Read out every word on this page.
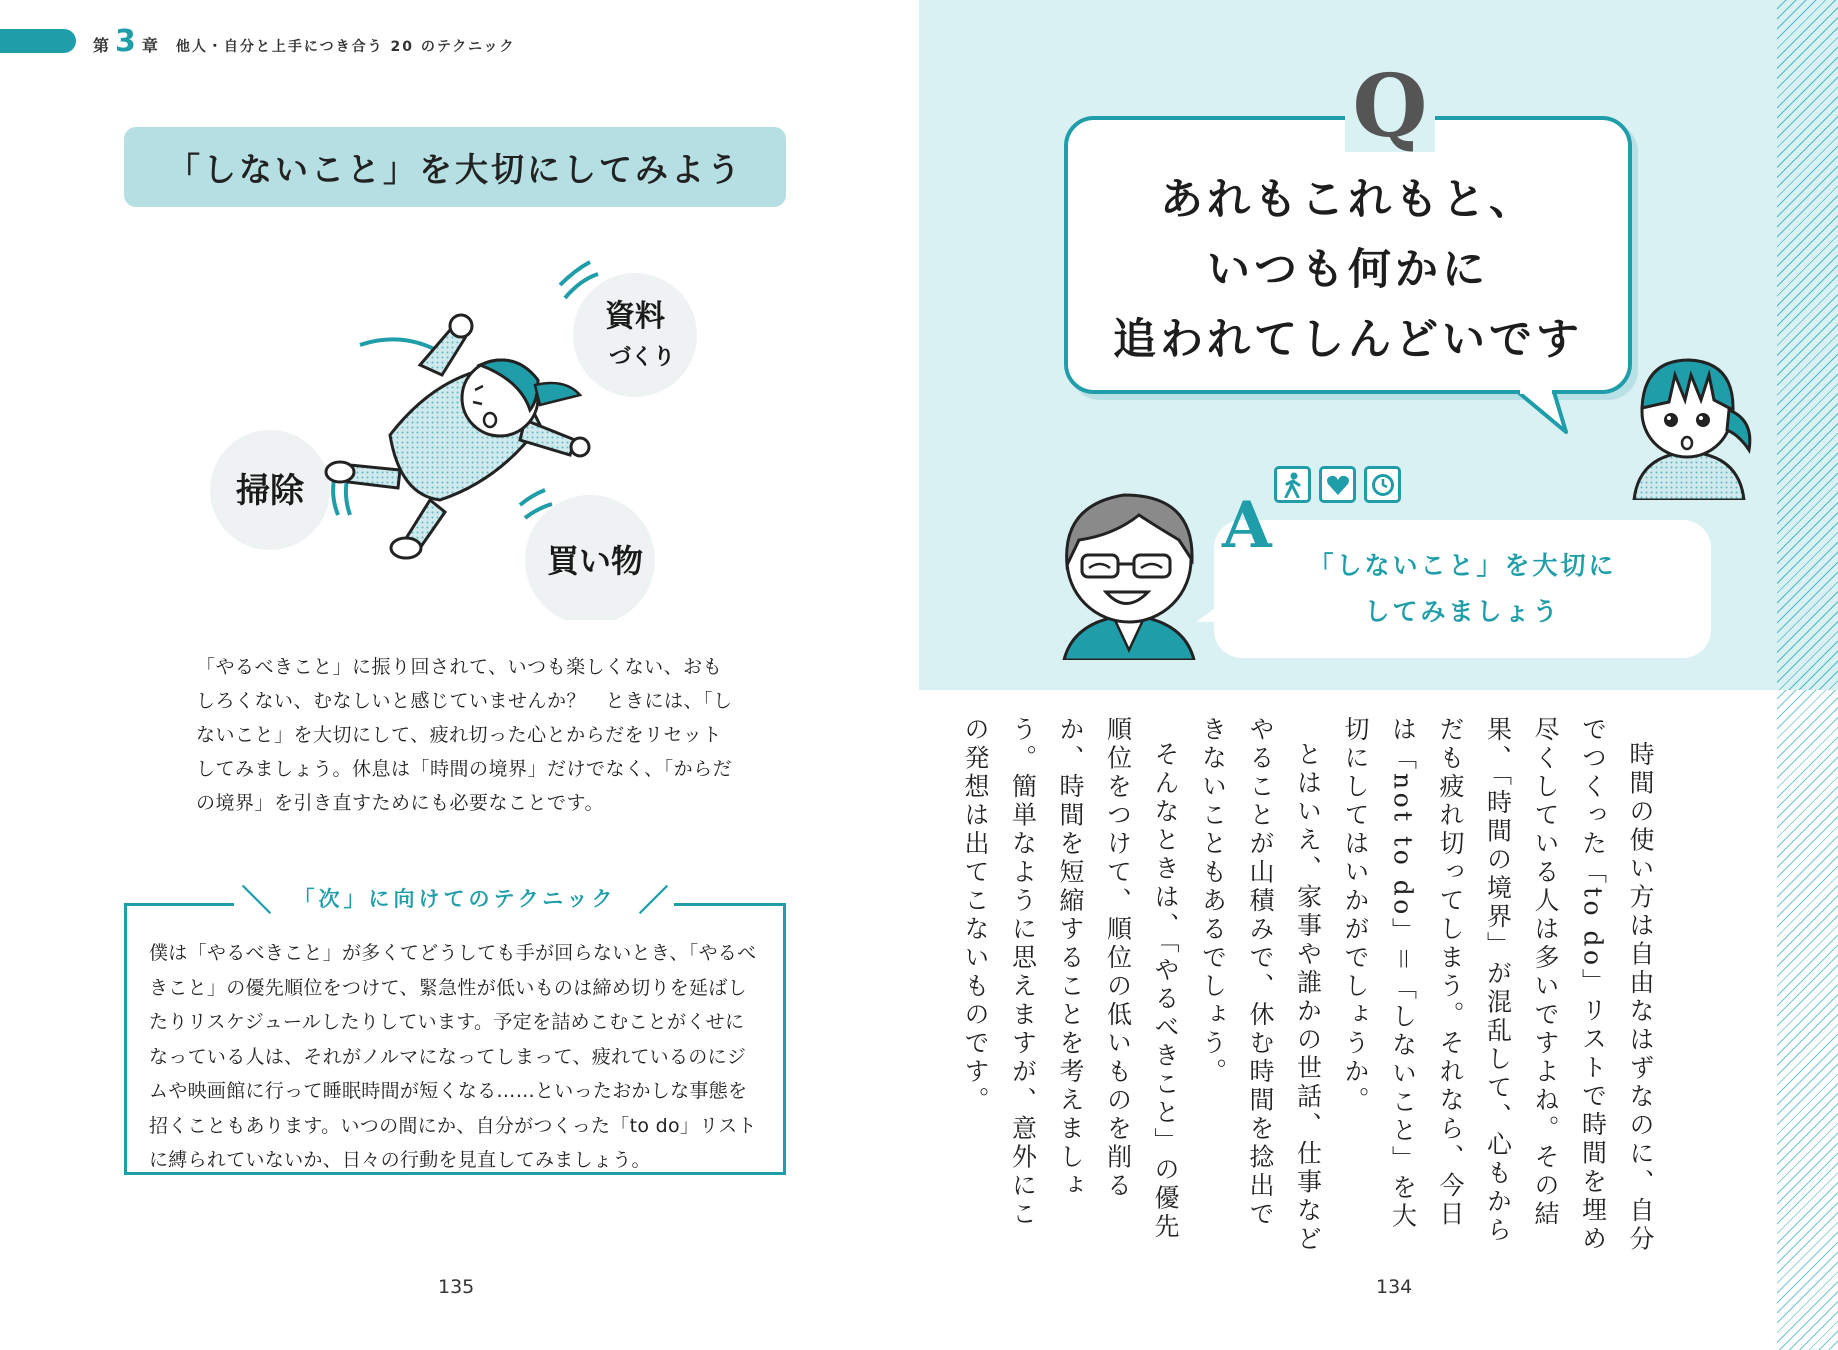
第 3 章 他人・自分と上手につき合う 20 のテクニック
「しないこと」を大切にしてみよう
資料
づくり
掃除
買い物

「やるべきこと」に振り回されて、いつも楽しくない、おもしろくない、むなしいと感じていませんか？　ときには、「しないこと」を大切にして、疲れ切った心とからだをリセットしてみましょう。休息は「時間の境界」だけでなく、「からだの境界」を引き直すためにも必要なことです。

僕は「やるべきこと」が多くてどうしても手が回らないとき、「やるべきこと」の優先順位をつけて、緊急性が低いものは締め切りを延ばしたりリスケジュールしたりしています。予定を詰めこむことがくせになっている人は、それがノルマになってしまって、疲れているのにジムや映画館に行って睡眠時間が短くなる……といったおかしな事態を招くこともあります。いつの間にか、自分がつくった「to do」リストに縛られていないか、日々の行動を見直してみましょう。

＼ 「次」に向けてのテクニック ／
135
Q
あれもこれもと、
いつも何かに
追われてしんどいです
A
「しないこと」を大切に
してみましょう

時間の使い方は自由なはずなのに、自分でつくった「to do」リストで時間を埋め尽くしている人は多いですよね。その結果、「時間の境界」が混乱して、心もからだも疲れ切ってしまう。それなら、今日は「not to do」＝「しないこと」を大切にしてはいかがでしょうか。

とはいえ、家事や誰かの世話、仕事などやることが山積みで、休む時間を捻出できないこともあるでしょう。

そんなときは、「やるべきこと」の優先順位をつけて、順位の低いものを削るか、時間を短縮することを考えましょう。簡単なように思えますが、意外にこの発想は出てこないものです。

134
